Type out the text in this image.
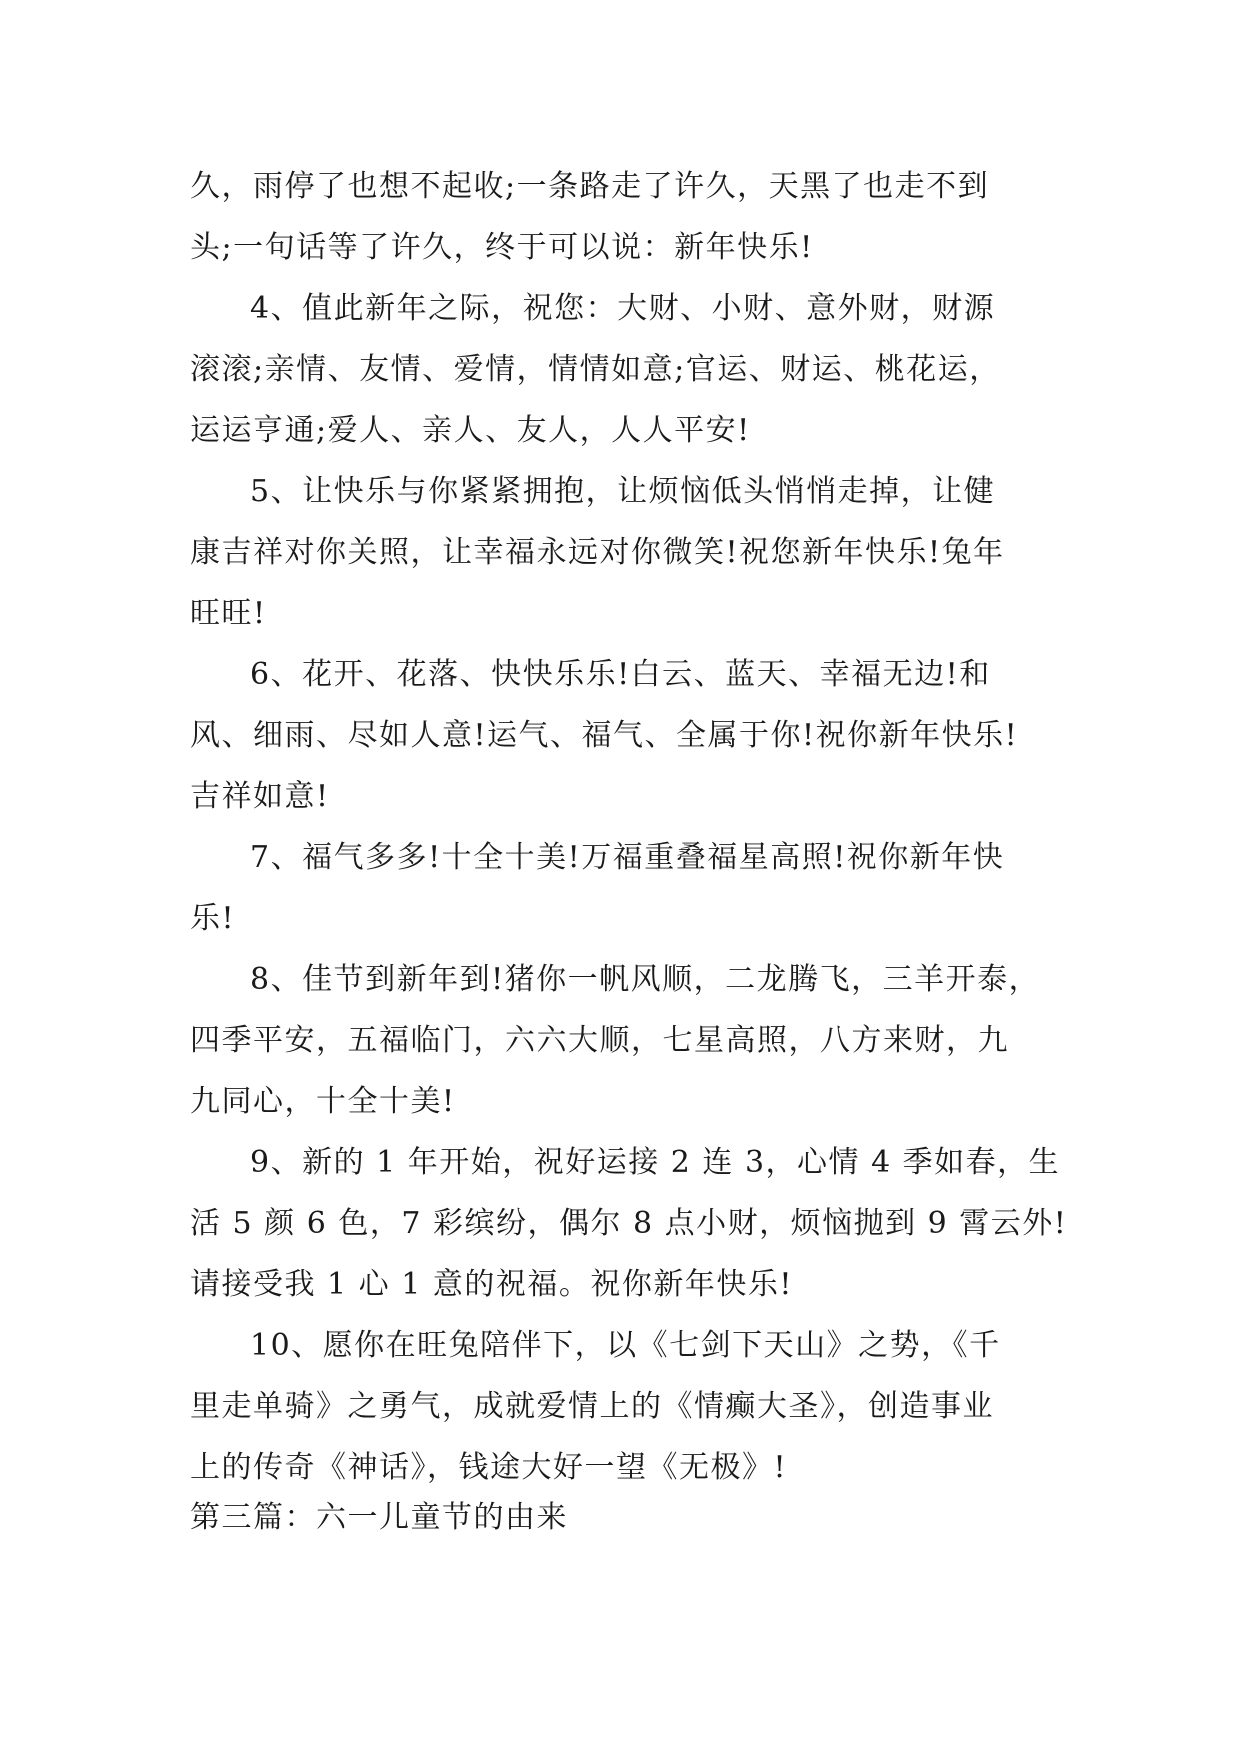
久，雨停了也想不起收;一条路走了许久，天黑了也走不到
头;一句话等了许久，终于可以说：新年快乐!
4、值此新年之际，祝您：大财、小财、意外财，财源
滚滚;亲情、友情、爱情，情情如意;官运、财运、桃花运，
运运亨通;爱人、亲人、友人，人人平安!
5、让快乐与你紧紧拥抱，让烦恼低头悄悄走掉，让健
康吉祥对你关照，让幸福永远对你微笑!祝您新年快乐!兔年
旺旺!
6、花开、花落、快快乐乐!白云、蓝天、幸福无边!和
风、细雨、尽如人意!运气、福气、全属于你!祝你新年快乐!
吉祥如意!
7、福气多多!十全十美!万福重叠福星高照!祝你新年快
乐!
8、佳节到新年到!猪你一帆风顺，二龙腾飞，三羊开泰，
四季平安，五福临门，六六大顺，七星高照，八方来财，九
九同心，十全十美!
9、新的 1 年开始，祝好运接 2 连 3，心情 4 季如春，生
活 5 颜 6 色，7 彩缤纷，偶尔 8 点小财，烦恼抛到 9 霄云外!
请接受我 1 心 1 意的祝福。祝你新年快乐!
10、愿你在旺兔陪伴下，以《七剑下天山》之势，《千
里走单骑》之勇气，成就爱情上的《情癫大圣》，创造事业
上的传奇《神话》，钱途大好一望《无极》!
第三篇：六一儿童节的由来
